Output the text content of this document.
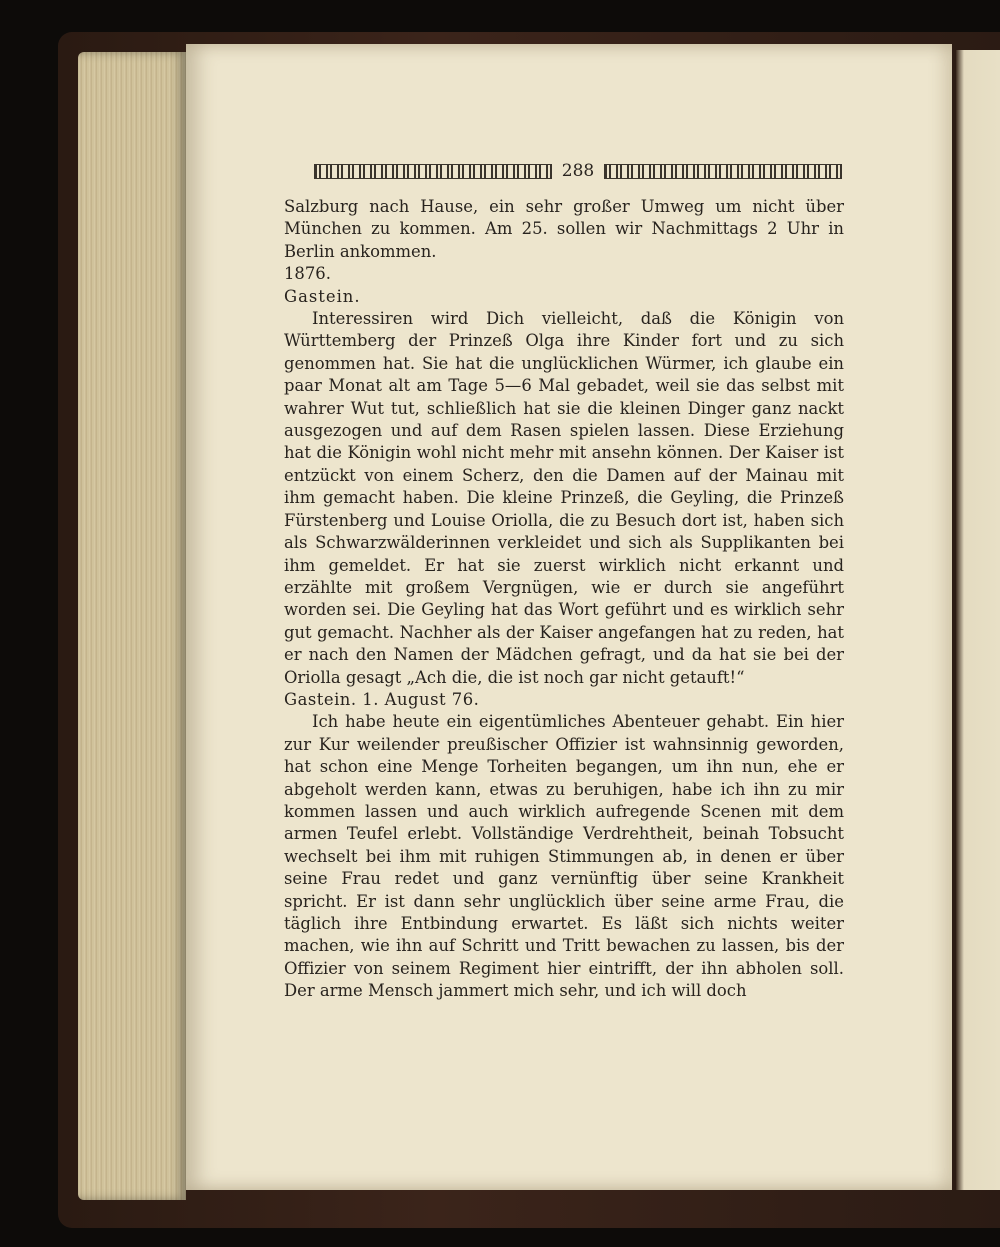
288

Salzburg nach Hause, ein sehr großer Umweg um nicht über München zu kommen. Am 25. sollen wir Nachmittags 2 Uhr in Berlin ankommen.

1876.

Gastein.

Interessiren wird Dich vielleicht, daß die Königin von Württemberg der Prinzeß Olga ihre Kinder fort und zu sich genommen hat. Sie hat die unglücklichen Würmer, ich glaube ein paar Monat alt am Tage 5—6 Mal gebadet, weil sie das selbst mit wahrer Wut tut, schließlich hat sie die kleinen Dinger ganz nackt ausgezogen und auf dem Rasen spielen lassen. Diese Erziehung hat die Königin wohl nicht mehr mit ansehn können. Der Kaiser ist entzückt von einem Scherz, den die Damen auf der Mainau mit ihm gemacht haben. Die kleine Prinzeß, die Geyling, die Prinzeß Fürstenberg und Louise Oriolla, die zu Besuch dort ist, haben sich als Schwarzwälderinnen verkleidet und sich als Supplikanten bei ihm gemeldet. Er hat sie zuerst wirklich nicht erkannt und erzählte mit großem Vergnügen, wie er durch sie angeführt worden sei. Die Geyling hat das Wort geführt und es wirklich sehr gut gemacht. Nachher als der Kaiser angefangen hat zu reden, hat er nach den Namen der Mädchen gefragt, und da hat sie bei der Oriolla gesagt „Ach die, die ist noch gar nicht getauft!“

Gastein. 1. August 76.

Ich habe heute ein eigentümliches Abenteuer gehabt. Ein hier zur Kur weilender preußischer Offizier ist wahnsinnig geworden, hat schon eine Menge Torheiten begangen, um ihn nun, ehe er abgeholt werden kann, etwas zu beruhigen, habe ich ihn zu mir kommen lassen und auch wirklich aufregende Scenen mit dem armen Teufel erlebt. Vollständige Verdrehtheit, beinah Tobsucht wechselt bei ihm mit ruhigen Stimmungen ab, in denen er über seine Frau redet und ganz vernünftig über seine Krankheit spricht. Er ist dann sehr unglücklich über seine arme Frau, die täglich ihre Entbindung erwartet. Es läßt sich nichts weiter machen, wie ihn auf Schritt und Tritt bewachen zu lassen, bis der Offizier von seinem Regiment hier eintrifft, der ihn abholen soll. Der arme Mensch jammert mich sehr, und ich will doch
